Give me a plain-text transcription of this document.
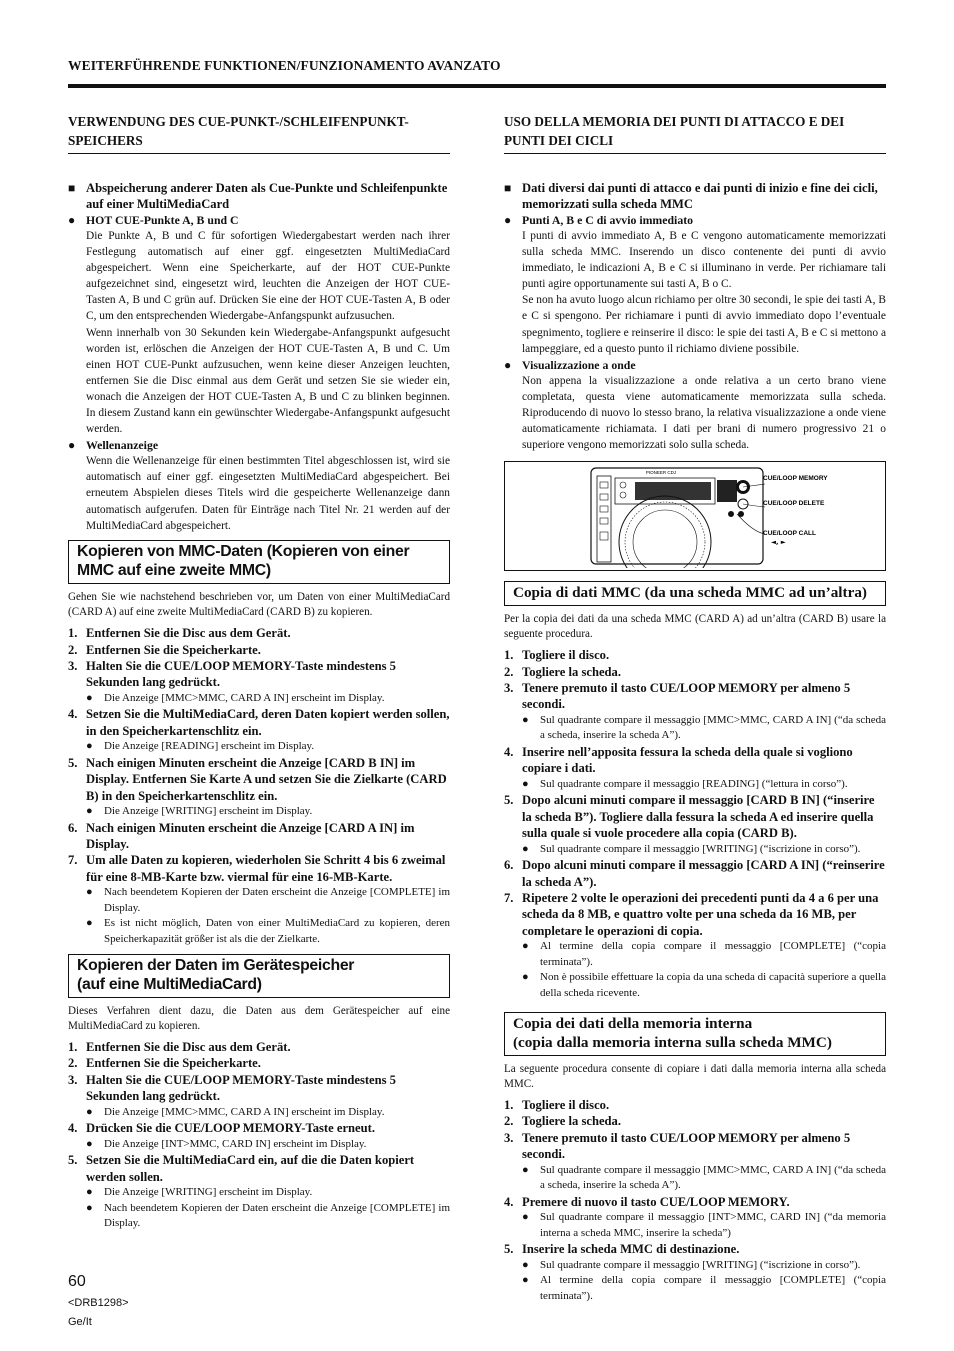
WEITERFÜHRENDE FUNKTIONEN/FUNZIONAMENTO AVANZATO
VERWENDUNG DES CUE-PUNKT-/SCHLEIFENPUNKT-SPEICHERS
■ Abspeicherung anderer Daten als Cue-Punkte und Schleifenpunkte auf einer MultiMediaCard
● HOT CUE-Punkte A, B und C
Die Punkte A, B und C für sofortigen Wiedergabestart werden nach ihrer Festlegung automatisch auf einer ggf. eingesetzten MultiMediaCard abgespeichert. Wenn eine Speicherkarte, auf der HOT CUE-Punkte aufgezeichnet sind, eingesetzt wird, leuchten die Anzeigen der HOT CUE-Tasten A, B und C grün auf. Drücken Sie eine der HOT CUE-Tasten A, B oder C, um den entsprechenden Wiedergabe-Anfangspunkt aufzusuchen.
Wenn innerhalb von 30 Sekunden kein Wiedergabe-Anfangspunkt aufgesucht worden ist, erlöschen die Anzeigen der HOT CUE-Tasten A, B und C. Um einen HOT CUE-Punkt aufzusuchen, wenn keine dieser Anzeigen leuchten, entfernen Sie die Disc einmal aus dem Gerät und setzen Sie sie wieder ein, wonach die Anzeigen der HOT CUE-Tasten A, B und C zu blinken beginnen. In diesem Zustand kann ein gewünschter Wiedergabe-Anfangspunkt aufgesucht werden.
● Wellenanzeige
Wenn die Wellenanzeige für einen bestimmten Titel abgeschlossen ist, wird sie automatisch auf einer ggf. eingesetzten MultiMediaCard abgespeichert. Bei erneutem Abspielen dieses Titels wird die gespeicherte Wellenanzeige dann automatisch aufgerufen. Daten für Einträge nach Titel Nr. 21 werden auf der MultiMediaCard abgespeichert.
Kopieren von MMC-Daten (Kopieren von einer MMC auf eine zweite MMC)
Gehen Sie wie nachstehend beschrieben vor, um Daten von einer MultiMediaCard (CARD A) auf eine zweite MultiMediaCard (CARD B) zu kopieren.
1. Entfernen Sie die Disc aus dem Gerät.
2. Entfernen Sie die Speicherkarte.
3. Halten Sie die CUE/LOOP MEMORY-Taste mindestens 5 Sekunden lang gedrückt.
●	Die Anzeige [MMC>MMC, CARD A IN] erscheint im Display.
4. Setzen Sie die MultiMediaCard, deren Daten kopiert werden sollen, in den Speicherkartenschlitz ein.
●	Die Anzeige [READING] erscheint im Display.
5. Nach einigen Minuten erscheint die Anzeige [CARD B IN] im Display. Entfernen Sie Karte A und setzen Sie die Zielkarte (CARD B) in den Speicherkartenschlitz ein.
●	Die Anzeige [WRITING] erscheint im Display.
6. Nach einigen Minuten erscheint die Anzeige [CARD A IN] im Display.
7. Um alle Daten zu kopieren, wiederholen Sie Schritt 4 bis 6 zweimal für eine 8-MB-Karte bzw. viermal für eine 16-MB-Karte.
●	Nach beendetem Kopieren der Daten erscheint die Anzeige [COMPLETE] im Display.
●	Es ist nicht möglich, Daten von einer MultiMediaCard zu kopieren, deren Speicherkapazität größer ist als die der Zielkarte.
Kopieren der Daten im Gerätespeicher
(auf eine MultiMediaCard)
Dieses Verfahren dient dazu, die Daten aus dem Gerätespeicher auf eine MultiMediaCard zu kopieren.
1. Entfernen Sie die Disc aus dem Gerät.
2. Entfernen Sie die Speicherkarte.
3. Halten Sie die CUE/LOOP MEMORY-Taste mindestens 5 Sekunden lang gedrückt.
●	Die Anzeige [MMC>MMC, CARD A IN] erscheint im Display.
4. Drücken Sie die CUE/LOOP MEMORY-Taste erneut.
●	Die Anzeige [INT>MMC, CARD IN] erscheint im Display.
5. Setzen Sie die MultiMediaCard ein, auf die die Daten kopiert werden sollen.
●	Die Anzeige [WRITING] erscheint im Display.
●	Nach beendetem Kopieren der Daten erscheint die Anzeige [COMPLETE] im Display.
USO DELLA MEMORIA DEI PUNTI DI ATTACCO E DEI PUNTI DEI CICLI
■ Dati diversi dai punti di attacco e dai punti di inizio e fine dei cicli, memorizzati sulla scheda MMC
● Punti A, B e C di avvio immediato
I punti di avvio immediato A, B e C vengono automaticamente memorizzati sulla scheda MMC. Inserendo un disco contenente dei punti di avvio immediato, le indicazioni A, B e C si illuminano in verde. Per richiamare tali punti agire opportunamente sui tasti A, B o C.
Se non ha avuto luogo alcun richiamo per oltre 30 secondi, le spie dei tasti A, B e C si spengono. Per richiamare i punti di avvio immediato dopo l’eventuale spegnimento, togliere e reinserire il disco: le spie dei tasti A, B e C si mettono a lampeggiare, ed a questo punto il richiamo diviene possibile.
● Visualizzazione a onde
Non appena la visualizzazione a onde relativa a un certo brano viene completata, questa viene automaticamente memorizzata sulla scheda. Riproducendo di nuovo lo stesso brano, la relativa visualizzazione a onde viene automaticamente richiamata. I dati per brani di numero progressivo 21 o superiore vengono memorizzati solo sulla scheda.
PIONEER CDJ
CUE/LOOP MEMORY
CUE/LOOP DELETE
CUE/LOOP CALL
◄, ►
Copia di dati MMC (da una scheda MMC ad un’altra)
Per la copia dei dati da una scheda MMC (CARD A) ad un’altra (CARD B) usare la seguente procedura.
1. Togliere il disco.
2. Togliere la scheda.
3. Tenere premuto il tasto CUE/LOOP MEMORY per almeno 5 secondi.
●	Sul quadrante compare il messaggio [MMC>MMC, CARD A IN] (“da scheda a scheda, inserire la scheda A”).
4. Inserire nell’apposita fessura la scheda della quale si vogliono copiare i dati.
●	Sul quadrante compare il messaggio [READING] (“lettura in corso”).
5. Dopo alcuni minuti compare il messaggio [CARD B IN] (“inserire la scheda B”). Togliere dalla fessura la scheda A ed inserire quella sulla quale si vuole procedere alla copia (CARD B).
●	Sul quadrante compare il messaggio [WRITING] (“iscrizione in corso”).
6. Dopo alcuni minuti compare il messaggio [CARD A IN] (“reinserire la scheda A”).
7. Ripetere 2 volte le operazioni dei precedenti punti da 4 a 6 per una scheda da 8 MB, e quattro volte per una scheda da 16 MB, per completare le operazioni di copia.
●	Al termine della copia compare il messaggio [COMPLETE] (“copia terminata”).
●	Non è possibile effettuare la copia da una scheda di capacità superiore a quella della scheda ricevente.
Copia dei dati della memoria interna
(copia dalla memoria interna sulla scheda MMC)
La seguente procedura consente di copiare i dati dalla memoria interna alla scheda MMC.
1. Togliere il disco.
2. Togliere la scheda.
3. Tenere premuto il tasto CUE/LOOP MEMORY per almeno 5 secondi.
●	Sul quadrante compare il messaggio [MMC>MMC, CARD A IN] (“da scheda a scheda, inserire la scheda A”).
4. Premere di nuovo il tasto CUE/LOOP MEMORY.
●	Sul quadrante compare il messaggio [INT>MMC, CARD IN] (“da memoria interna a scheda MMC, inserire la scheda”)
5. Inserire la scheda MMC di destinazione.
●	Sul quadrante compare il messaggio [WRITING] (“iscrizione in corso”).
●	Al termine della copia compare il messaggio [COMPLETE] (“copia terminata”).
60
<DRB1298>
Ge/It
